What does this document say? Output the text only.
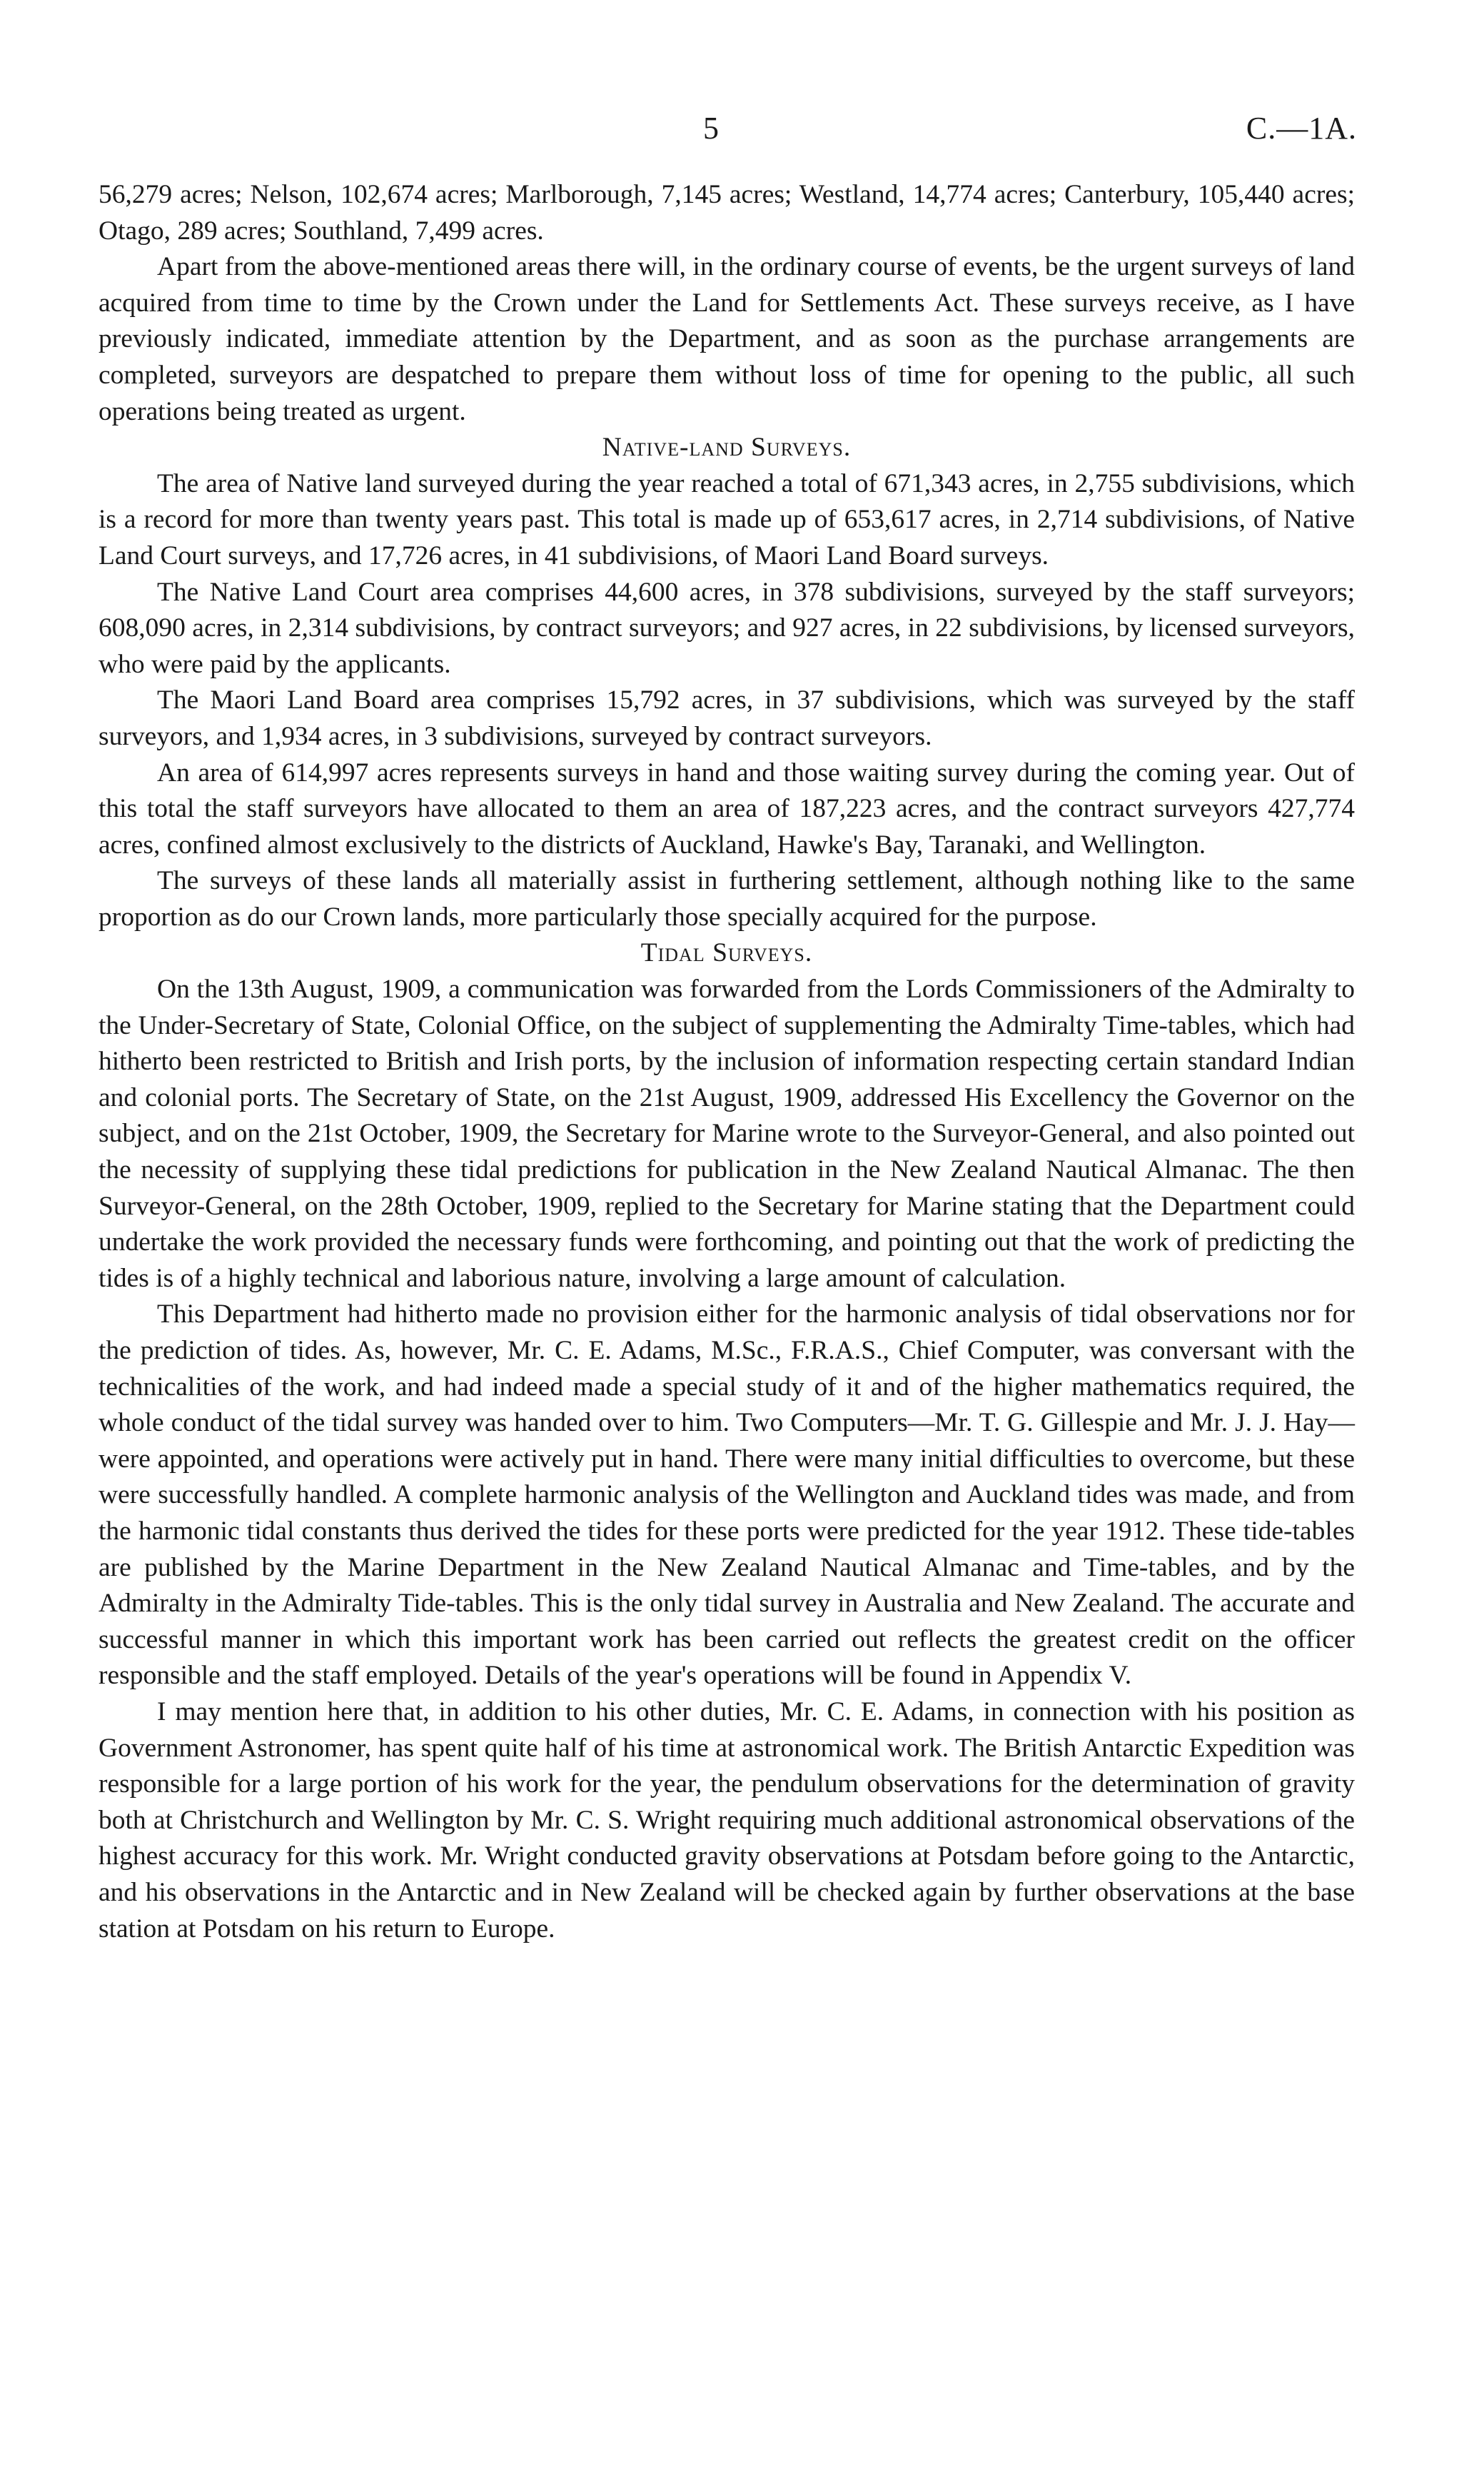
5	C.—1A.

56,279 acres; Nelson, 102,674 acres; Marlborough, 7,145 acres; Westland, 14,774 acres; Canterbury, 105,440 acres; Otago, 289 acres; Southland, 7,499 acres.

Apart from the above-mentioned areas there will, in the ordinary course of events, be the urgent surveys of land acquired from time to time by the Crown under the Land for Settlements Act. These surveys receive, as I have previously indicated, immediate attention by the Department, and as soon as the purchase arrangements are completed, surveyors are despatched to prepare them without loss of time for opening to the public, all such operations being treated as urgent.

Native-land Surveys.

The area of Native land surveyed during the year reached a total of 671,343 acres, in 2,755 subdivisions, which is a record for more than twenty years past. This total is made up of 653,617 acres, in 2,714 subdivisions, of Native Land Court surveys, and 17,726 acres, in 41 subdivisions, of Maori Land Board surveys.

The Native Land Court area comprises 44,600 acres, in 378 subdivisions, surveyed by the staff surveyors; 608,090 acres, in 2,314 subdivisions, by contract surveyors; and 927 acres, in 22 subdivisions, by licensed surveyors, who were paid by the applicants.

The Maori Land Board area comprises 15,792 acres, in 37 subdivisions, which was surveyed by the staff surveyors, and 1,934 acres, in 3 subdivisions, surveyed by contract surveyors.

An area of 614,997 acres represents surveys in hand and those waiting survey during the coming year. Out of this total the staff surveyors have allocated to them an area of 187,223 acres, and the contract surveyors 427,774 acres, confined almost exclusively to the districts of Auckland, Hawke's Bay, Taranaki, and Wellington.

The surveys of these lands all materially assist in furthering settlement, although nothing like to the same proportion as do our Crown lands, more particularly those specially acquired for the purpose.

Tidal Surveys.

On the 13th August, 1909, a communication was forwarded from the Lords Commissioners of the Admiralty to the Under-Secretary of State, Colonial Office, on the subject of supplementing the Admiralty Time-tables, which had hitherto been restricted to British and Irish ports, by the inclusion of information respecting certain standard Indian and colonial ports. The Secretary of State, on the 21st August, 1909, addressed His Excellency the Governor on the subject, and on the 21st October, 1909, the Secretary for Marine wrote to the Surveyor-General, and also pointed out the necessity of supplying these tidal predictions for publication in the New Zealand Nautical Almanac. The then Surveyor-General, on the 28th October, 1909, replied to the Secretary for Marine stating that the Department could undertake the work provided the necessary funds were forthcoming, and pointing out that the work of predicting the tides is of a highly technical and laborious nature, involving a large amount of calculation.

This Department had hitherto made no provision either for the harmonic analysis of tidal observations nor for the prediction of tides. As, however, Mr. C. E. Adams, M.Sc., F.R.A.S., Chief Computer, was conversant with the technicalities of the work, and had indeed made a special study of it and of the higher mathematics required, the whole conduct of the tidal survey was handed over to him. Two Computers—Mr. T. G. Gillespie and Mr. J. J. Hay—were appointed, and operations were actively put in hand. There were many initial difficulties to overcome, but these were successfully handled. A complete harmonic analysis of the Wellington and Auckland tides was made, and from the harmonic tidal constants thus derived the tides for these ports were predicted for the year 1912. These tide-tables are published by the Marine Department in the New Zealand Nautical Almanac and Time-tables, and by the Admiralty in the Admiralty Tide-tables. This is the only tidal survey in Australia and New Zealand. The accurate and successful manner in which this important work has been carried out reflects the greatest credit on the officer responsible and the staff employed. Details of the year's operations will be found in Appendix V.

I may mention here that, in addition to his other duties, Mr. C. E. Adams, in connection with his position as Government Astronomer, has spent quite half of his time at astronomical work. The British Antarctic Expedition was responsible for a large portion of his work for the year, the pendulum observations for the determination of gravity both at Christchurch and Wellington by Mr. C. S. Wright requiring much additional astronomical observations of the highest accuracy for this work. Mr. Wright conducted gravity observations at Potsdam before going to the Antarctic, and his observations in the Antarctic and in New Zealand will be checked again by further observations at the base station at Potsdam on his return to Europe.
